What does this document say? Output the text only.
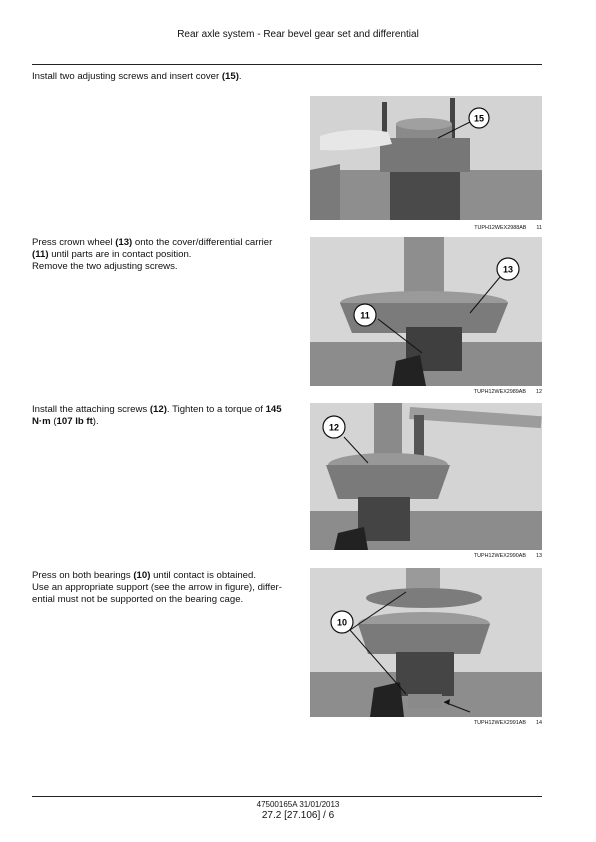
Rear axle system - Rear bevel gear set and differential
Install two adjusting screws and insert cover (15).
15
TUPH12WEX2988AB 11
Press crown wheel (13) onto the cover/differential carrier
(11) until parts are in contact position.
Remove the two adjusting screws.	13
11
TUPH12WEX2989AB 12
Install the attaching screws (12). Tighten to a torque of 145
N·m (107 lb ft).
12
TUPH12WEX2990AB 13
Press on both bearings (10) until contact is obtained.
Use an appropriate support (see the arrow in figure), differ-
ential must not be supported on the bearing cage.
10
TUPH12WEX2991AB 14
47500165A 31/01/2013
27.2 [27.106] / 6
